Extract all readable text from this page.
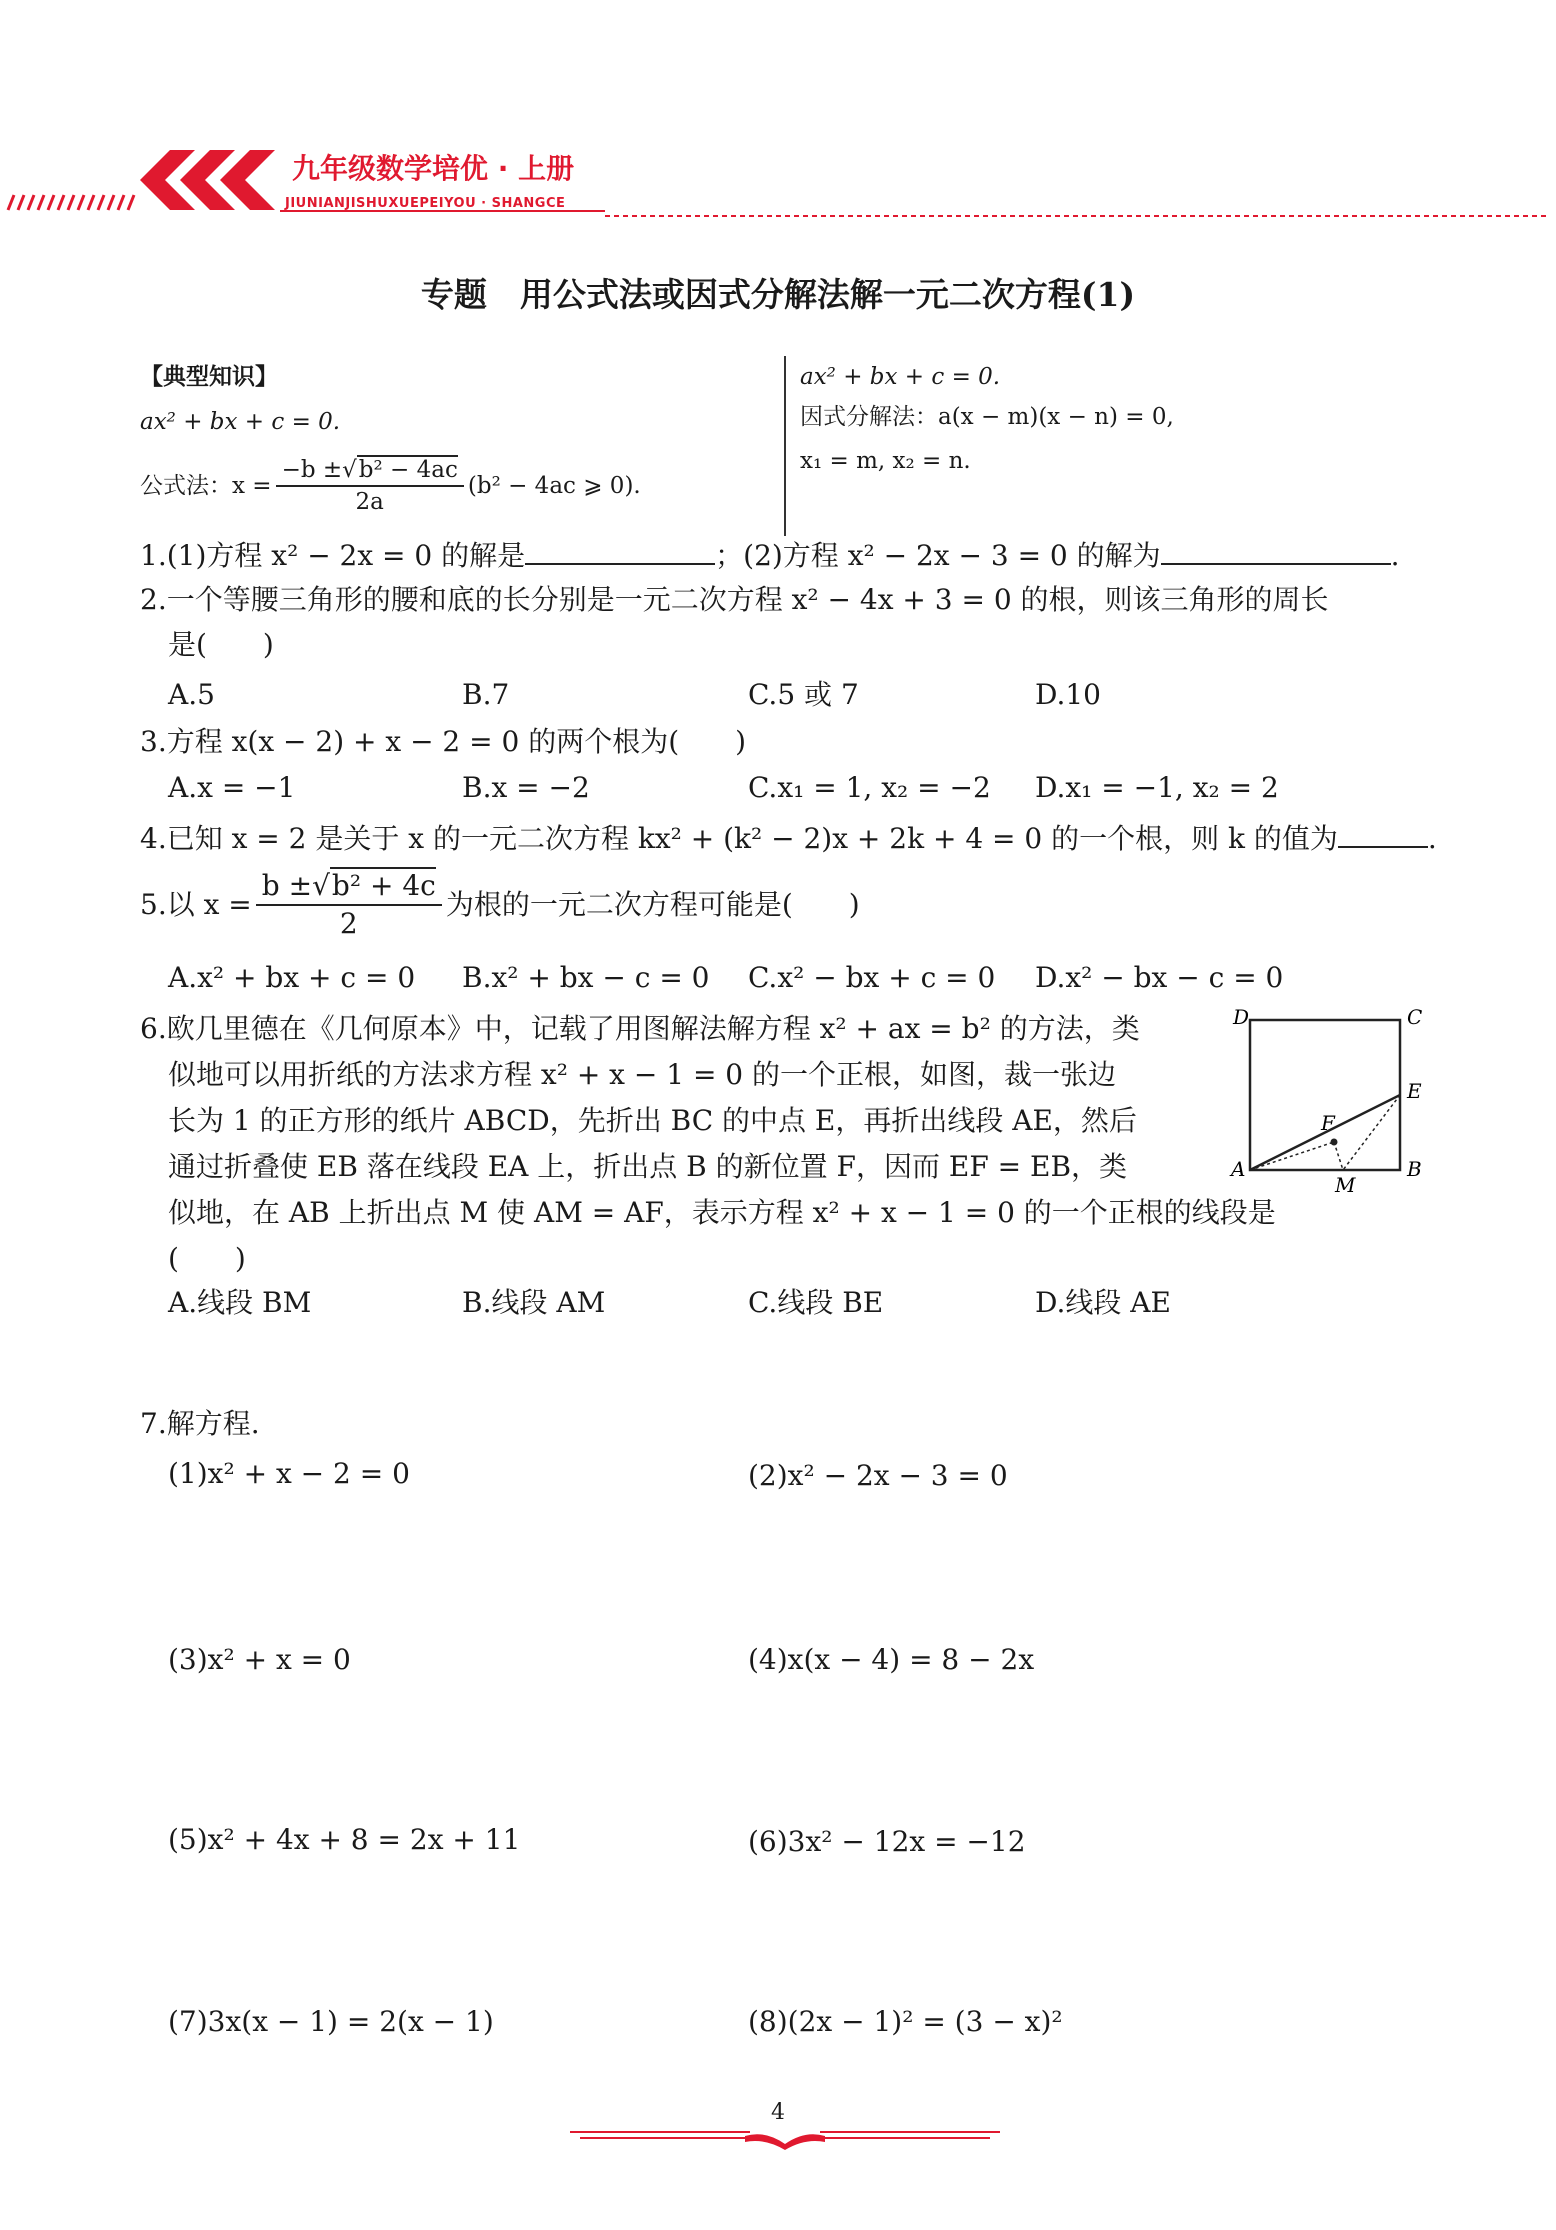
九年级数学培优 · 上册
JIUNIANJISHUXUEPEIYOU · SHANGCE
专题　用公式法或因式分解法解一元二次方程(1)
【典型知识】
ax² + bx + c = 0.
公式法：$x = \frac{\text{−b ±√b² − 4ac}}{2a} (b^2 - 4ac$ ⩾ 0).
ax² + bx + c = 0.
因式分解法：a(x − m)(x − n) = 0,
x₁ = m, x₂ = n.
1.(1)方程 x² − 2x = 0 的解是	；(2)方程 x² − 2x − 3 = 0 的解为	.
2.一个等腰三角形的腰和底的长分别是一元二次方程 x² − 4x + 3 = 0 的根，则该三角形的周长
是(　　)
A.5	B.7	C.5 或 7	D.10
3.方程 x(x − 2) + x − 2 = 0 的两个根为(　　)
A.x = −1	B.x = −2	C.x₁ = 1, x₂ = −2 D.x₁ = −1, x₂ = 2
4.已知 x = 2 是关于 x 的一元二次方程 kx² + (k² − 2)x + 2k + 4 = 0 的一个根，则 k 的值为	.
5.以 $x = \frac{\text{b ±√b² + 4c}}{2}$ 为根的一元二次方程可能是(　　)
A.x² + bx + c = 0 B.x² + bx − c = 0 C.x² − bx + c = 0 D.x² − bx − c = 0
6.欧几里德在《几何原本》中，记载了用图解法解方程 x² + ax = b² 的方法，类
似地可以用折纸的方法求方程 x² + x − 1 = 0 的一个正根，如图，裁一张边
长为 1 的正方形的纸片 ABCD，先折出 BC 的中点 E，再折出线段 AE，然后
通过折叠使 EB 落在线段 EA 上，折出点 B 的新位置 F，因而 EF = EB，类
似地，在 AB 上折出点 M 使 AM = AF，表示方程 x² + x − 1 = 0 的一个正根的线段是
(　　)
D	C
E
A	B
F
M
A.线段 BM	B.线段 AM	C.线段 BE	D.线段 AE
7.解方程.
(1)x² + x − 2 = 0	(2)x² − 2x − 3 = 0
(3)x² + x = 0	(4)x(x − 4) = 8 − 2x
(5)x² + 4x + 8 = 2x + 11	(6)3x² − 12x = −12
(7)3x(x − 1) = 2(x − 1)	(8)(2x − 1)² = (3 − x)²
4
